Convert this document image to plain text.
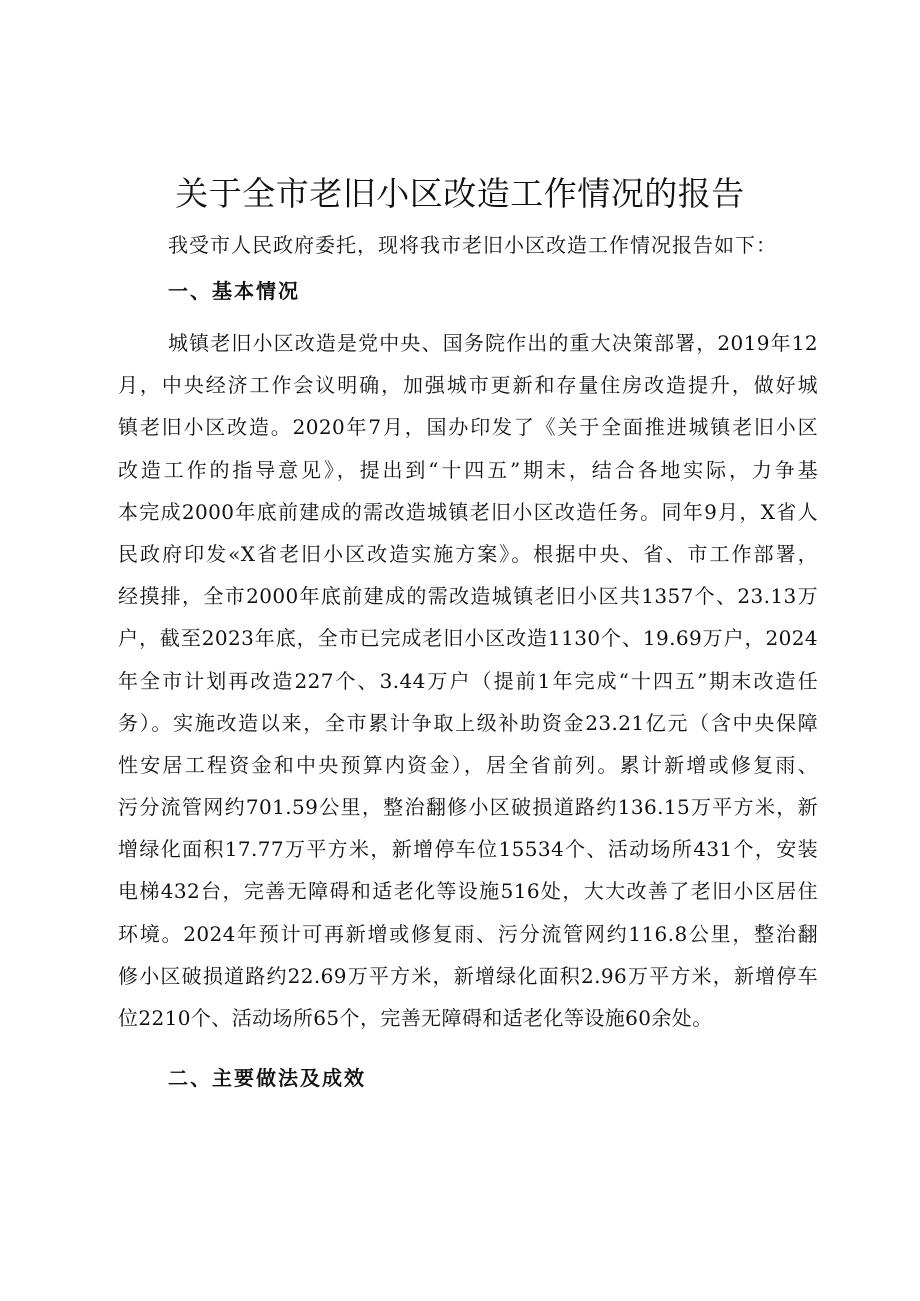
关于全市老旧小区改造工作情况的报告
我受市人民政府委托，现将我市老旧小区改造工作情况报告如下：
一、基本情况
城镇老旧小区改造是党中央、国务院作出的重大决策部署，2019年12
月，中央经济工作会议明确，加强城市更新和存量住房改造提升，做好城
镇老旧小区改造。2020年7月，国办印发了《关于全面推进城镇老旧小区
改造工作的指导意见》，提出到“十四五”期末，结合各地实际，力争基
本完成2000年底前建成的需改造城镇老旧小区改造任务。同年9月，X省人
民政府印发«X省老旧小区改造实施方案》。根据中央、省、市工作部署，
经摸排，全市2000年底前建成的需改造城镇老旧小区共1357个、23.13万
户，截至2023年底，全市已完成老旧小区改造1130个、19.69万户，2024
年全市计划再改造227个、3.44万户（提前1年完成“十四五”期末改造任
务）。实施改造以来，全市累计争取上级补助资金23.21亿元（含中央保障
性安居工程资金和中央预算内资金），居全省前列。累计新增或修复雨、
污分流管网约701.59公里，整治翻修小区破损道路约136.15万平方米，新
增绿化面积17.77万平方米，新增停车位15534个、活动场所431个，安装
电梯432台，完善无障碍和适老化等设施516处，大大改善了老旧小区居住
环境。2024年预计可再新增或修复雨、污分流管网约116.8公里，整治翻
修小区破损道路约22.69万平方米，新增绿化面积2.96万平方米，新增停车
位2210个、活动场所65个，完善无障碍和适老化等设施60余处。
二、主要做法及成效
